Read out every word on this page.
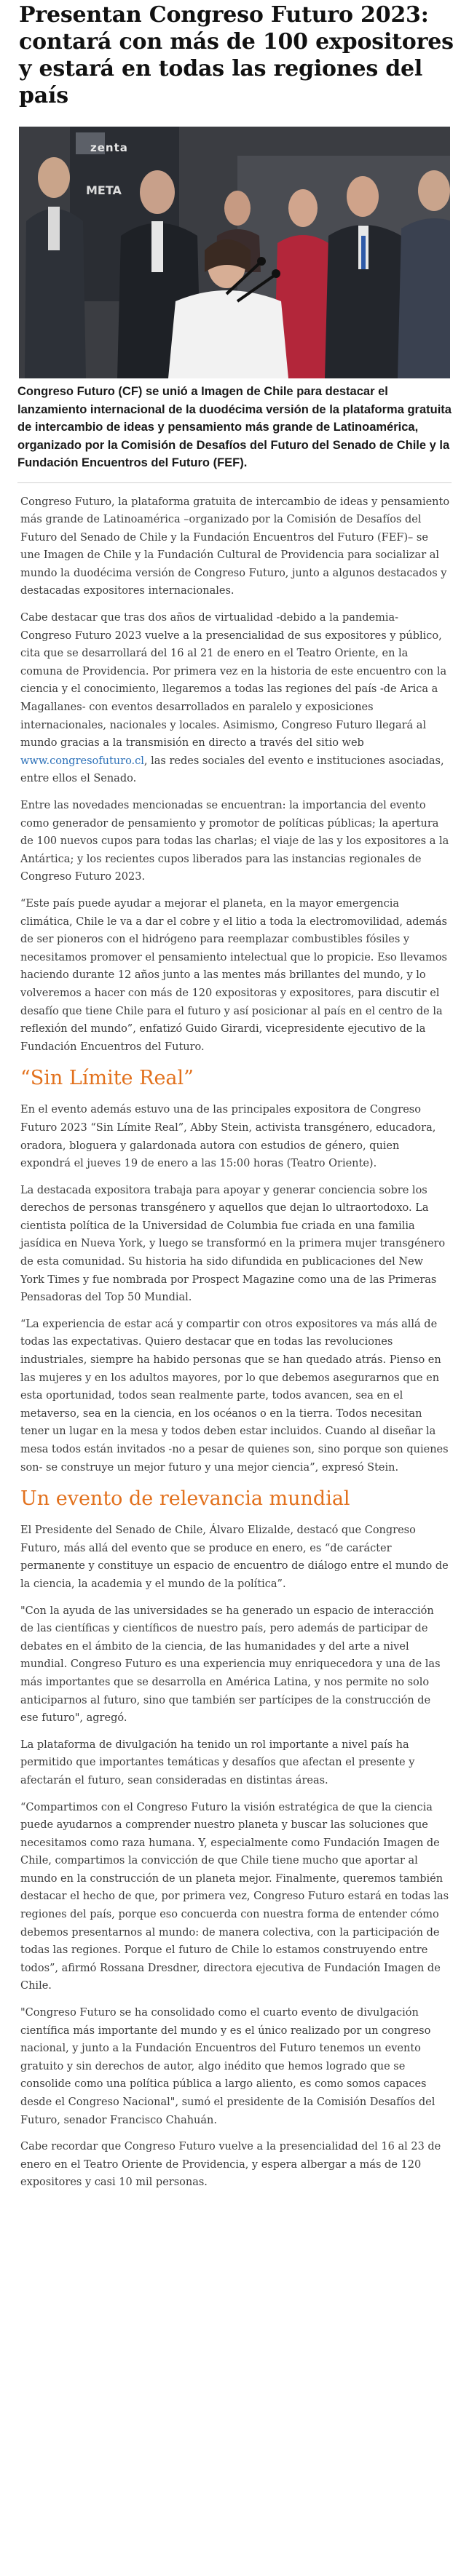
Presentan Congreso Futuro 2023: contará con más de 100 expositores y estará en todas las regiones del país
zenta
META
Congreso Futuro (CF) se unió a Imagen de Chile para destacar el lanzamiento internacional de la duodécima versión de la plataforma gratuita de intercambio de ideas y pensamiento más grande de Latinoamérica, organizado por la Comisión de Desafíos del Futuro del Senado de Chile y la Fundación Encuentros del Futuro (FEF).

Congreso Futuro, la plataforma gratuita de intercambio de ideas y pensamiento más grande de Latinoamérica –organizado por la Comisión de Desafíos del Futuro del Senado de Chile y la Fundación Encuentros del Futuro (FEF)– se une Imagen de Chile y la Fundación Cultural de Providencia para socializar al mundo la duodécima versión de Congreso Futuro, junto a algunos destacados y destacadas expositores internacionales.

Cabe destacar que tras dos años de virtualidad -debido a la pandemia- Congreso Futuro 2023 vuelve a la presencialidad de sus expositores y público, cita que se desarrollará del 16 al 21 de enero en el Teatro Oriente, en la comuna de Providencia. Por primera vez en la historia de este encuentro con la ciencia y el conocimiento, llegaremos a todas las regiones del país -de Arica a Magallanes- con eventos desarrollados en paralelo y exposiciones internacionales, nacionales y locales. Asimismo, Congreso Futuro llegará al mundo gracias a la transmisión en directo a través del sitio web www.congresofuturo.cl, las redes sociales del evento e instituciones asociadas, entre ellos el Senado.

Entre las novedades mencionadas se encuentran: la importancia del evento como generador de pensamiento y promotor de políticas públicas; la apertura de 100 nuevos cupos para todas las charlas; el viaje de las y los expositores a la Antártica; y los recientes cupos liberados para las instancias regionales de Congreso Futuro 2023.

“Este país puede ayudar a mejorar el planeta, en la mayor emergencia climática, Chile le va a dar el cobre y el litio a toda la electromovilidad, además de ser pioneros con el hidrógeno para reemplazar combustibles fósiles y necesitamos promover el pensamiento intelectual que lo propicie. Eso llevamos haciendo durante 12 años junto a las mentes más brillantes del mundo, y lo volveremos a hacer con más de 120 expositoras y expositores, para discutir el desafío que tiene Chile para el futuro y así posicionar al país en el centro de la reflexión del mundo”, enfatizó Guido Girardi, vicepresidente ejecutivo de la Fundación Encuentros del Futuro.

“Sin Límite Real”

En el evento además estuvo una de las principales expositora de Congreso Futuro 2023 “Sin Límite Real”, Abby Stein, activista transgénero, educadora, oradora, bloguera y galardonada autora con estudios de género, quien expondrá el jueves 19 de enero a las 15:00 horas (Teatro Oriente).

La destacada expositora trabaja para apoyar y generar conciencia sobre los derechos de personas transgénero y aquellos que dejan lo ultraortodoxo. La cientista política de la Universidad de Columbia fue criada en una familia jasídica en Nueva York, y luego se transformó en la primera mujer transgénero de esta comunidad. Su historia ha sido difundida en publicaciones del New York Times y fue nombrada por Prospect Magazine como una de las Primeras Pensadoras del Top 50 Mundial.

“La experiencia de estar acá y compartir con otros expositores va más allá de todas las expectativas. Quiero destacar que en todas las revoluciones industriales, siempre ha habido personas que se han quedado atrás. Pienso en las mujeres y en los adultos mayores, por lo que debemos asegurarnos que en esta oportunidad, todos sean realmente parte, todos avancen, sea en el metaverso, sea en la ciencia, en los océanos o en la tierra. Todos necesitan tener un lugar en la mesa y todos deben estar incluidos. Cuando al diseñar la mesa todos están invitados -no a pesar de quienes son, sino porque son quienes son- se construye un mejor futuro y una mejor ciencia”, expresó Stein.

Un evento de relevancia mundial

El Presidente del Senado de Chile, Álvaro Elizalde, destacó que Congreso Futuro, más allá del evento que se produce en enero, es “de carácter permanente y constituye un espacio de encuentro de diálogo entre el mundo de la ciencia, la academia y el mundo de la política”.

"Con la ayuda de las universidades se ha generado un espacio de interacción de las científicas y científicos de nuestro país, pero además de participar de debates en el ámbito de la ciencia, de las humanidades y del arte a nivel mundial. Congreso Futuro es una experiencia muy enriquecedora y una de las más importantes que se desarrolla en América Latina, y nos permite no solo anticiparnos al futuro, sino que también ser partícipes de la construcción de ese futuro", agregó.

La plataforma de divulgación ha tenido un rol importante a nivel país ha permitido que importantes temáticas y desafíos que afectan el presente y afectarán el futuro, sean consideradas en distintas áreas.

“Compartimos con el Congreso Futuro la visión estratégica de que la ciencia puede ayudarnos a comprender nuestro planeta y buscar las soluciones que necesitamos como raza humana. Y, especialmente como Fundación Imagen de Chile, compartimos la convicción de que Chile tiene mucho que aportar al mundo en la construcción de un planeta mejor. Finalmente, queremos también destacar el hecho de que, por primera vez, Congreso Futuro estará en todas las regiones del país, porque eso concuerda con nuestra forma de entender cómo debemos presentarnos al mundo: de manera colectiva, con la participación de todas las regiones. Porque el futuro de Chile lo estamos construyendo entre todos”, afirmó Rossana Dresdner, directora ejecutiva de Fundación Imagen de Chile.

"Congreso Futuro se ha consolidado como el cuarto evento de divulgación científica más importante del mundo y es el único realizado por un congreso nacional, y junto a la Fundación Encuentros del Futuro tenemos un evento gratuito y sin derechos de autor, algo inédito que hemos logrado que se consolide como una política pública a largo aliento, es como somos capaces desde el Congreso Nacional", sumó el presidente de la Comisión Desafíos del Futuro, senador Francisco Chahuán.

Cabe recordar que Congreso Futuro vuelve a la presencialidad del 16 al 23 de enero en el Teatro Oriente de Providencia, y espera albergar a más de 120 expositores y casi 10 mil personas.
